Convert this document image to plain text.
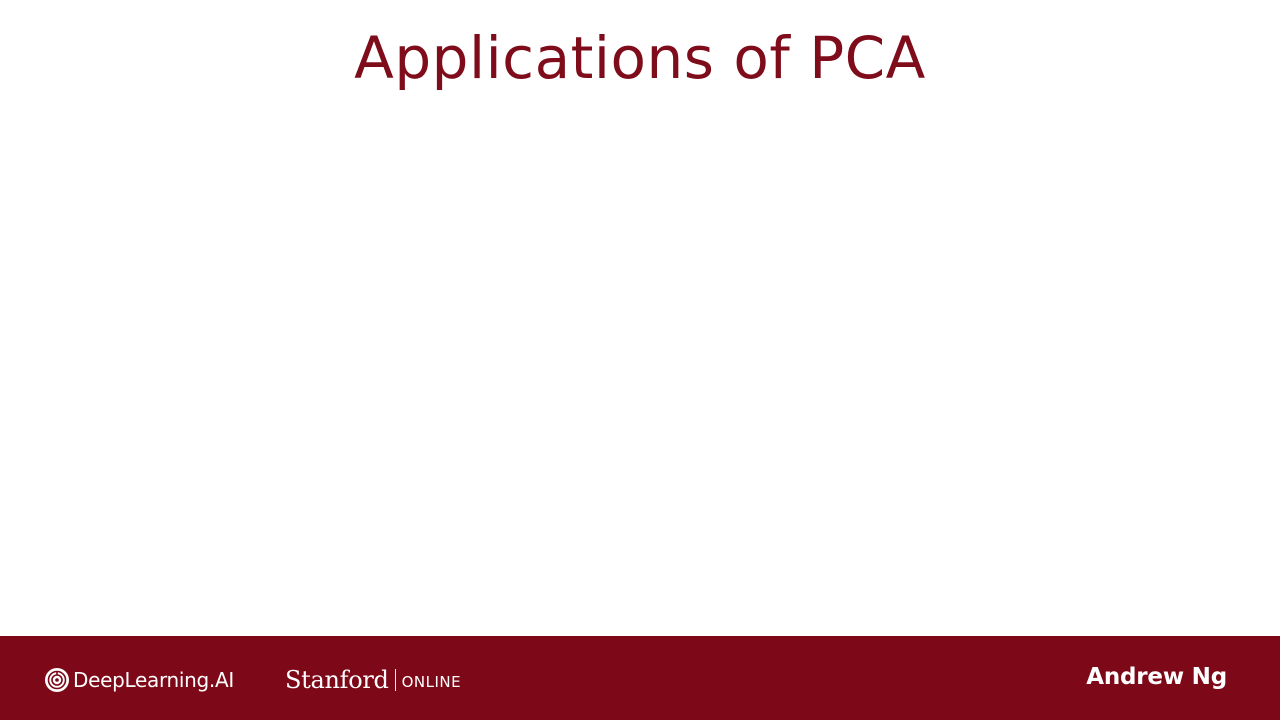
Applications of PCA
DeepLearning.AI Stanford ONLINE	Andrew Ng
